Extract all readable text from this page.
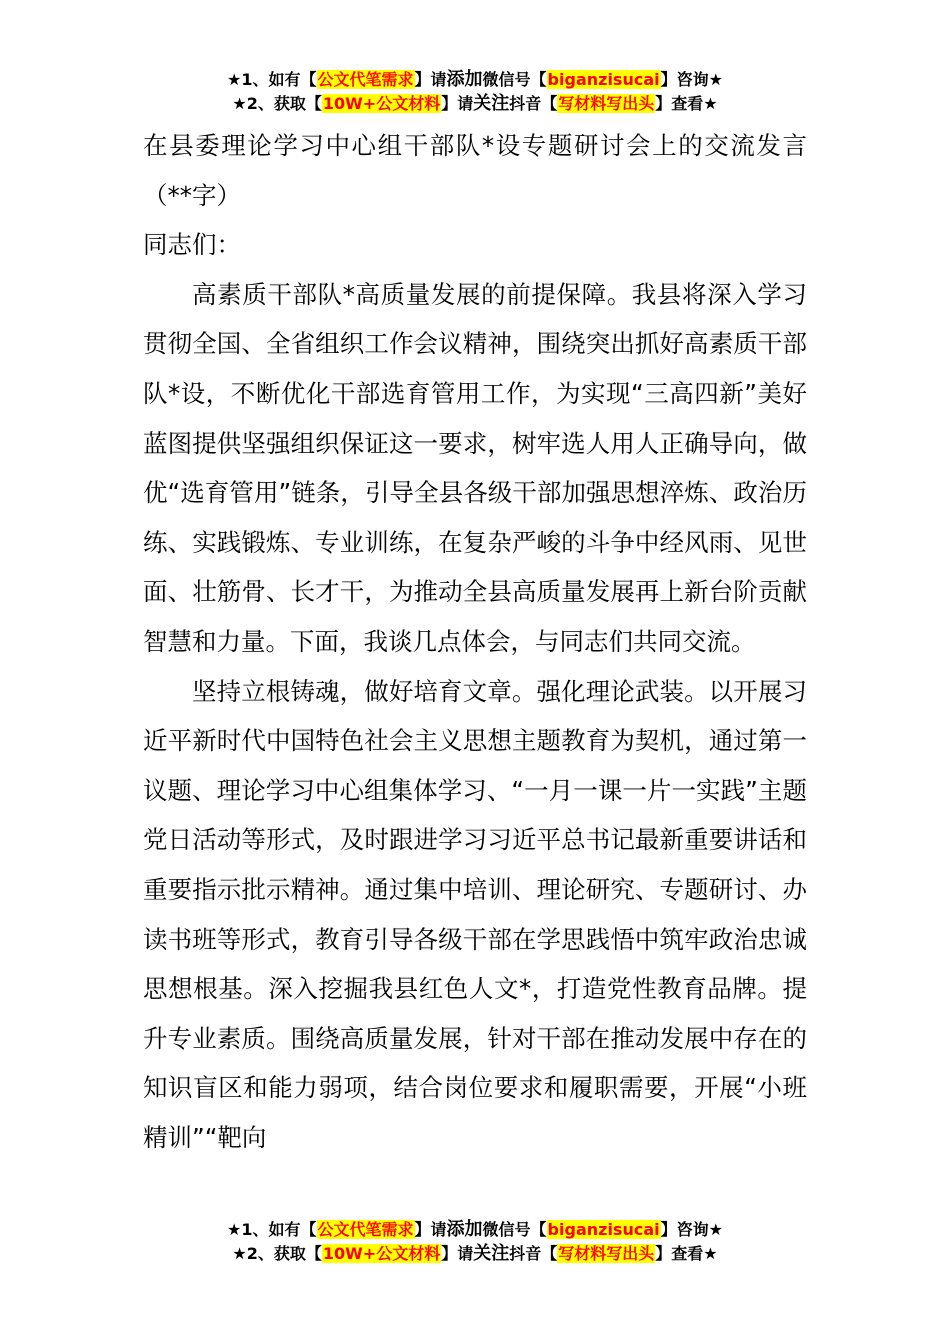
★1、如有【公文代笔需求】请添加微信号【biganzisucai】咨询★
★2、获取【10W+公文材料】请关注抖音【写材料写出头】查看★

在县委理论学习中心组干部队*设专题研讨会上的交流发言（**字）

同志们：

高素质干部队*高质量发展的前提保障。我县将深入学习贯彻全国、全省组织工作会议精神，围绕突出抓好高素质干部队*设，不断优化干部选育管用工作，为实现“三高四新”美好蓝图提供坚强组织保证这一要求，树牢选人用人正确导向，做优“选育管用”链条，引导全县各级干部加强思想淬炼、政治历练、实践锻炼、专业训练，在复杂严峻的斗争中经风雨、见世面、壮筋骨、长才干，为推动全县高质量发展再上新台阶贡献智慧和力量。下面，我谈几点体会，与同志们共同交流。

坚持立根铸魂，做好培育文章。强化理论武装。以开展习近平新时代中国特色社会主义思想主题教育为契机，通过第一议题、理论学习中心组集体学习、“一月一课一片一实践”主题党日活动等形式，及时跟进学习习近平总书记最新重要讲话和重要指示批示精神。通过集中培训、理论研究、专题研讨、办读书班等形式，教育引导各级干部在学思践悟中筑牢政治忠诚思想根基。深入挖掘我县红色人文*，打造党性教育品牌。提升专业素质。围绕高质量发展，针对干部在推动发展中存在的知识盲区和能力弱项，结合岗位要求和履职需要，开展“小班精训”“靶向

★1、如有【公文代笔需求】请添加微信号【biganzisucai】咨询★
★2、获取【10W+公文材料】请关注抖音【写材料写出头】查看★
